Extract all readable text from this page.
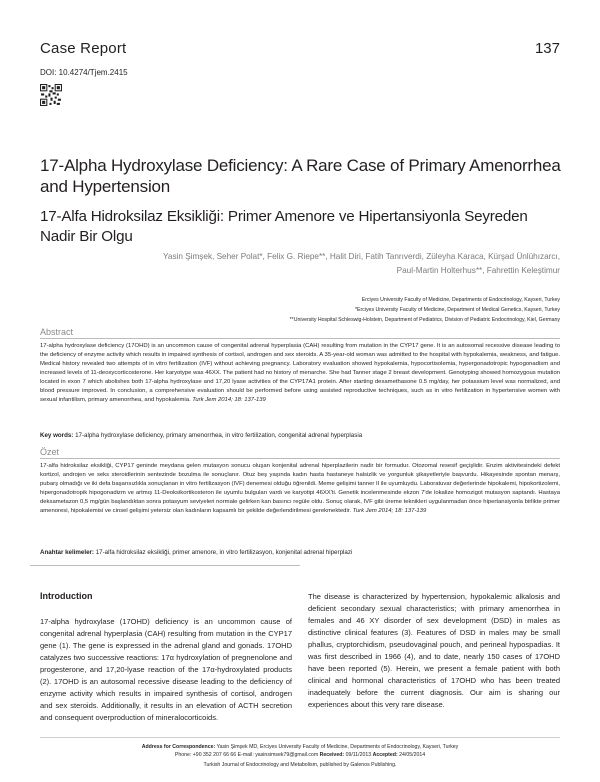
Case Report	137
DOI: 10.4274/Tjem.2415
17-Alpha Hydroxylase Deficiency: A Rare Case of Primary Amenorrhea and Hypertension
17-Alfa Hidroksilaz Eksikliği: Primer Amenore ve Hipertansiyonla Seyreden Nadir Bir Olgu
Yasin Şimşek, Seher Polat*, Felix G. Riepe**, Halit Diri, Fatih Tanrıverdi, Züleyha Karaca, Kürşad Ünlühızarcı,
Paul-Martin Holterhus**, Fahrettin Keleştimur
Erciyes University Faculty of Medicine, Departments of Endocrinology, Kayseri, Turkey
*Erciyes University Faculty of Medicine, Department of Medical Genetics, Kayseri, Turkey
**University Hospital Schleswig-Holstein, Department of Pediatrics, Division of Pediatric Endocrinology, Kiel, Germany
Abstract
17-alpha hydroxylase deficiency (17OHD) is an uncommon cause of congenital adrenal hyperplasia (CAH) resulting from mutation in the CYP17 gene. It is an autosomal recessive disease leading to the deficiency of enzyme activity which results in impaired synthesis of cortisol, androgen and sex steroids. A 35-year-old woman was admitted to the hospital with hypokalemia, weakness, and fatigue. Medical history revealed two attempts of in vitro fertilization (IVF) without achieving pregnancy. Laboratory evaluation showed hypokalemia, hypocortisolemia, hypergonadotropic hypogonadism and increased levels of 11-deoxycorticosterone. Her karyotype was 46XX. The patient had no history of menarche. She had Tanner stage 2 breast development. Genotyping showed homozygous mutation located in exon 7 which abolishes both 17-alpha hydroxylase and 17,20 lyase activities of the CYP17A1 protein. After starting dexamethasone 0.5 mg/day, her potassium level was normalized, and blood pressure improved. In conclusion, a comprehensive evaluation should be performed before using assisted reproductive techniques, such as in vitro fertilization in hypertensive women with sexual infantilism, primary amenorrhea, and hypokalemia. Turk Jem 2014; 18: 137-139
Key words: 17-alpha hydroxylase deficiency, primary amenorrhea, in vitro fertilization, congenital adrenal hyperplasia
Özet
17-alfa hidroksilaz eksikliği, CYP17 geninde meydana gelen mutasyon sonucu oluşan konjenital adrenal hiperplazilerin nadir bir formudur. Otozomal resesif geçişlidir. Enzim aktivitesindeki defekt kortizol, androjen ve seks steroidlerinin sentezinde bozulma ile sonuçlanır. Otuz beş yaşında kadın hasta hastaneye halsizlik ve yorgunluk şikayetleriyle başvurdu. Hikayesinde spontan menarş, pubarş olmadığı ve iki defa başarısızlıkla sonuçlanan in vitro fertilizasyon (IVF) denemesi olduğu öğrenildi. Meme gelişimi tanner II ile uyumluydu. Laboratuvar değerlerinde hipokalemi, hipokortizolemi, hipergonadotropik hipogonadizm ve artmış 11-Deoksikortikosteron ile uyumlu bulguları vardı ve karyotipi 46XX'ti. Genetik incelenmesinde ekzon 7'de lokalize homozigot mutasyon saptandı. Hastaya deksametazon 0,5 mg/gün başlandıktan sonra potasyum seviyeleri normale gelirken kan basıncı regüle oldu. Sonuç olarak, IVF gibi üreme teknikleri uygulanmadan önce hipertansiyonla birlikte primer amenoresi, hipokalemisi ve cinsel gelişimi yetersiz olan kadınların kapsamlı bir şekilde değerlendirilmesi gerekmektedir. Turk Jem 2014; 18: 137-139
Anahtar kelimeler: 17-alfa hidroksilaz eksikliği, primer amenore, in vitro fertilizasyon, konjenital adrenal hiperplazi
Introduction
17-alpha hydroxylase (17OHD) deficiency is an uncommon cause of congenital adrenal hyperplasia (CAH) resulting from mutation in the CYP17 gene (1). The gene is expressed in the adrenal gland and gonads. 17OHD catalyzes two successive reactions: 17α hydroxylation of pregnenolone and progesterone, and 17,20-lyase reaction of the 17α-hydroxylated products (2). 17OHD is an autosomal recessive disease leading to the deficiency of enzyme activity which results in impaired synthesis of cortisol, androgen and sex steroids. Additionally, it results in an elevation of ACTH secretion and consequent overproduction of mineralocorticoids.
The disease is characterized by hypertension, hypokalemic alkalosis and deficient secondary sexual characteristics; with primary amenorrhea in females and 46 XY disorder of sex development (DSD) in males as distinctive clinical features (3). Features of DSD in males may be small phallus, cryptorchidism, pseudovaginal pouch, and perineal hypospadias. It was first described in 1966 (4), and to date, nearly 150 cases of 17OHD have been reported (5). Herein, we present a female patient with both clinical and hormonal characteristics of 17OHD who has been treated inadequately before the current diagnosis. Our aim is sharing our experiences about this very rare disease.
Address for Correspondence: Yasin Şimşek MD, Erciyes University Faculty of Medicine, Departments of Endocrinology, Kayseri, Turkey
Phone: +90 352 207 66 66 E-mail: yasinsimsek79@gmail.com Received: 09/11/2013 Accepted: 24/05/2014
Turkish Journal of Endocrinology and Metabolism, published by Galenos Publishing.
